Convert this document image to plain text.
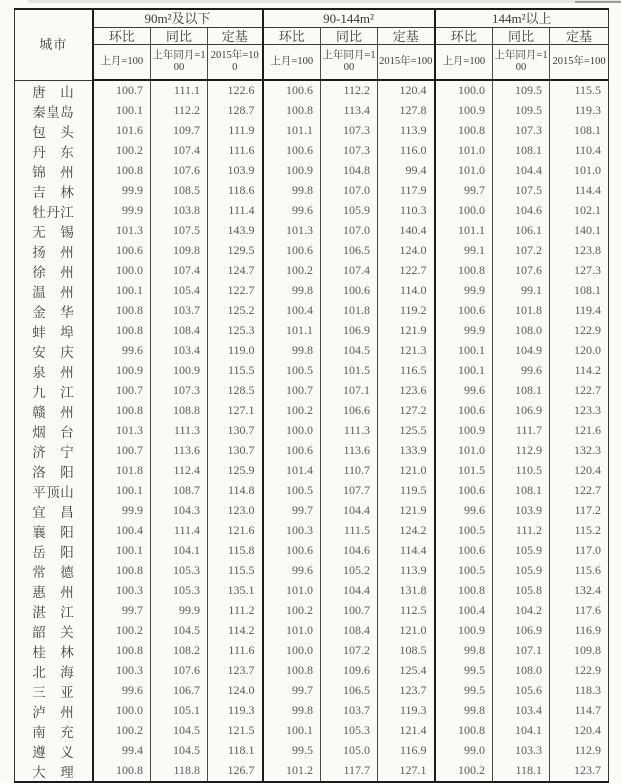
城市	90m²及以下			90-144m²			144m²以上		
	环比	同比	定基	环比	同比	定基	环比	同比	定基
	上月=100	上年同月=100	2015年=100	上月=100	上年同月=100	2015年=100	上月=100	上年同月=100	2015年=100
唐　山	100.7	111.1	122.6	100.6	112.2	120.4	100.0	109.5	115.5
秦皇岛	100.1	112.2	128.7	100.8	113.4	127.8	100.9	109.5	119.3
包　头	101.6	109.7	111.9	101.1	107.3	113.9	100.8	107.3	108.1
丹　东	100.2	107.4	111.6	100.6	107.3	116.0	101.0	108.1	110.4
锦　州	100.8	107.6	103.9	100.9	104.8	99.4	101.0	104.4	101.0
吉　林	99.9	108.5	118.6	99.8	107.0	117.9	99.7	107.5	114.4
牡丹江	99.9	103.8	111.4	99.6	105.9	110.3	100.0	104.6	102.1
无　锡	101.3	107.5	143.9	101.3	107.0	140.4	101.1	106.1	140.1
扬　州	100.6	109.8	129.5	100.6	106.5	124.0	99.1	107.2	123.8
徐　州	100.0	107.4	124.7	100.2	107.4	122.7	100.8	107.6	127.3
温　州	100.1	105.4	122.7	99.8	100.6	114.0	99.9	99.1	108.1
金　华	100.8	103.7	125.2	100.4	101.8	119.2	100.6	101.8	119.4
蚌　埠	100.8	108.4	125.3	101.1	106.9	121.9	99.9	108.0	122.9
安　庆	99.6	103.4	119.0	99.8	104.5	121.3	100.1	104.9	120.0
泉　州	100.9	100.9	115.5	100.5	101.5	116.5	100.1	99.6	114.2
九　江	100.7	107.3	128.5	100.7	107.1	123.6	99.6	108.1	122.7
赣　州	100.8	108.8	127.1	100.2	106.6	127.2	100.6	106.9	123.3
烟　台	101.3	111.3	130.7	100.0	111.3	125.5	100.9	111.7	121.6
济　宁	100.7	113.6	130.7	100.6	113.6	133.9	101.0	112.9	132.3
洛　阳	101.8	112.4	125.9	101.4	110.7	121.0	101.5	110.5	120.4
平顶山	100.1	108.7	114.8	100.5	107.7	119.5	100.6	108.1	122.7
宜　昌	99.9	104.3	123.0	99.7	104.4	121.9	99.6	103.9	117.2
襄　阳	100.4	111.4	121.6	100.3	111.5	124.2	100.5	111.2	115.2
岳　阳	100.1	104.1	115.8	100.6	104.6	114.4	100.6	105.9	117.0
常　德	100.8	105.3	115.5	99.6	105.2	113.9	100.5	105.9	115.6
惠　州	100.3	105.3	135.1	101.0	104.4	131.8	100.8	105.8	132.4
湛　江	99.7	99.9	111.2	100.2	100.7	112.5	100.4	104.2	117.6
韶　关	100.2	104.5	114.2	101.0	108.4	121.0	100.9	106.9	116.9
桂　林	100.8	108.2	111.6	100.0	107.2	108.5	99.8	107.1	109.8
北　海	100.3	107.6	123.7	100.8	109.6	125.4	99.5	108.0	122.9
三　亚	99.6	106.7	124.0	99.7	106.5	123.7	99.5	105.6	118.3
泸　州	100.0	105.1	119.3	99.8	103.7	119.3	99.8	103.4	114.7
南　充	100.2	104.5	121.5	100.1	105.3	121.4	100.8	104.1	120.4
遵　义	99.4	104.5	118.1	99.5	105.0	116.9	99.0	103.3	112.9
大　理	100.8	118.8	126.7	101.2	117.7	127.1	100.2	118.1	123.7
